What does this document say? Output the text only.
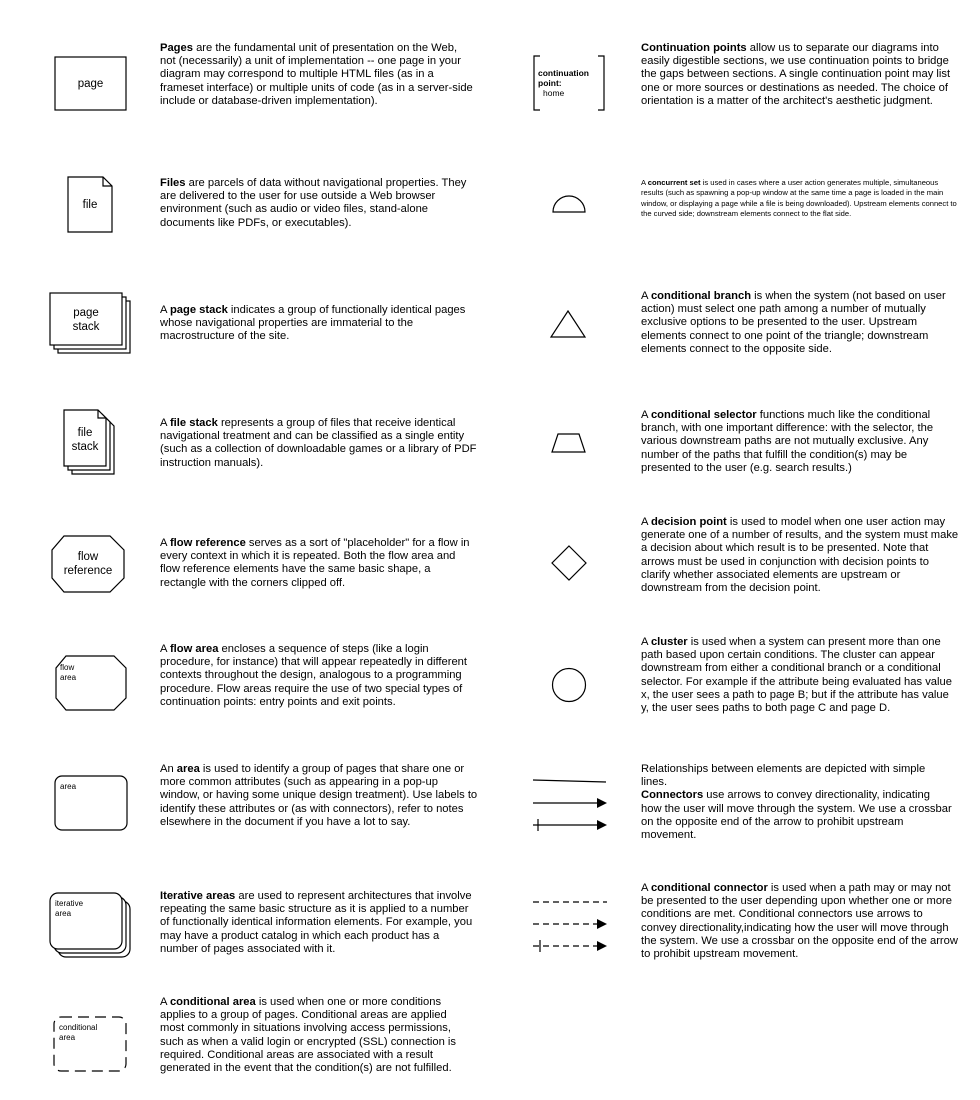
page
file
page
stack
file
stack
flow
reference
flow
area
area
iterative
area
conditional
area
Pages are the fundamental unit of presentation on the Web, not (necessarily) a unit of implementation -- one page in your diagram may correspond to multiple HTML files (as in a frameset interface) or multiple units of code (as in a server-side include or database-driven implementation).
Files are parcels of data without navigational properties. They are delivered to the user for use outside a Web browser environment (such as audio or video files, stand-alone documents like PDFs, or executables).
A page stack indicates a group of functionally identical pages whose navigational properties are immaterial to the macrostructure of the site.
A file stack represents a group of files that receive identical navigational treatment and can be classified as a single entity (such as a collection of downloadable games or a library of PDF instruction manuals).
A flow reference serves as a sort of "placeholder" for a flow in every context in which it is repeated. Both the flow area and flow reference elements have the same basic shape, a rectangle with the corners clipped off.
A flow area encloses a sequence of steps (like a login procedure, for instance) that will appear repeatedly in different contexts throughout the design, analogous to a programming procedure. Flow areas require the use of two special types of continuation points: entry points and exit points.
An area is used to identify a group of pages that share one or more common attributes (such as appearing in a pop-up window, or having some unique design treatment). Use labels to identify these attributes or (as with connectors), refer to notes elsewhere in the document if you have a lot to say.
Iterative areas are used to represent architectures that involve repeating the same basic structure as it is applied to a number of functionally identical information elements. For example, you may have a product catalog in which each product has a number of pages associated with it.
A conditional area is used when one or more conditions applies to a group of pages. Conditional areas are applied most commonly in situations involving access permissions, such as when a valid login or encrypted (SSL) connection is required. Conditional areas are associated with a result generated in the event that the condition(s) are not fulfilled.
continuation
point:
home
Continuation points allow us to separate our diagrams into easily digestible sections, we use continuation points to bridge the gaps between sections. A single continuation point may list one or more sources or destinations as needed. The choice of orientation is a matter of the architect's aesthetic judgment.
A concurrent set is used in cases where a user action generates multiple, simultaneous results (such as spawning a pop-up window at the same time a page is loaded in the main window, or displaying a page while a file is being downloaded). Upstream elements connect to the curved side; downstream elements connect to the flat side.
A conditional branch is when the system (not based on user action) must select one path among a number of mutually exclusive options to be presented to the user. Upstream elements connect to one point of the triangle; downstream elements connect to the opposite side.
A conditional selector functions much like the conditional branch, with one important difference: with the selector, the various downstream paths are not mutually exclusive. Any number of the paths that fulfill the condition(s) may be presented to the user (e.g. search results.)
A decision point is used to model when one user action may generate one of a number of results, and the system must make a decision about which result is to be presented. Note that arrows must be used in conjunction with decision points to clarify whether associated elements are upstream or downstream from the decision point.
A cluster is used when a system can present more than one path based upon certain conditions. The cluster can appear downstream from either a conditional branch or a conditional selector. For example if the attribute being evaluated has value x, the user sees a path to page B; but if the attribute has value y, the user sees paths to both page C and page D.
Relationships between elements are depicted with simple lines.
Connectors use arrows to convey directionality, indicating how the user will move through the system. We use a crossbar on the opposite end of the arrow to prohibit upstream movement.
A conditional connector is used when a path may or may not be presented to the user depending upon whether one or more conditions are met. Conditional connectors use arrows to convey directionality,indicating how the user will move through the system. We use a crossbar on the opposite end of the arrow to prohibit upstream movement.
